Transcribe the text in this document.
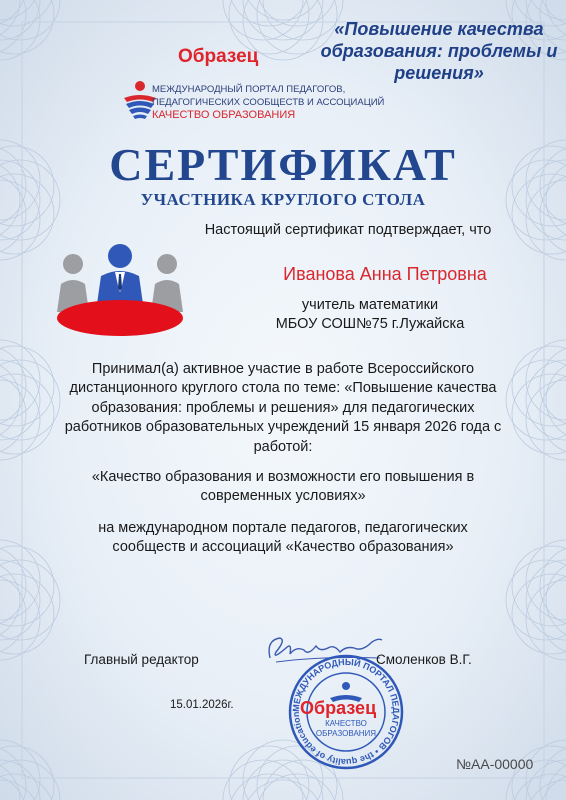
Образец
«Повышение качества образования: проблемы и решения»
МЕЖДУНАРОДНЫЙ ПОРТАЛ ПЕДАГОГОВ,
ПЕДАГОГИЧЕСКИХ СООБЩЕСТВ И АССОЦИАЦИЙ
КАЧЕСТВО ОБРАЗОВАНИЯ
СЕРТИФИКАТ
УЧАСТНИКА КРУГЛОГО СТОЛА
Настоящий сертификат подтверждает, что
Иванова Анна Петровна
учитель математики
МБОУ СОШ№75 г.Лужайска
Принимал(а) активное участие в работе Всероссийского дистанционного круглого стола по теме: «Повышение качества образования: проблемы и решения» для педагогических работников образовательных учреждений 15 января 2026 года с работой:
«Качество образования и возможности его повышения в современных условиях»
на международном портале педагогов, педагогических сообществ и ассоциаций «Качество образования»
Главный редактор	Смоленков В.Г.
15.01.2026г.	МЕЖДУНАРОДНЫЙ ПОРТАЛ ПЕДАГОГОВ • the quality of education
КАЧЕСТВО
ОБРАЗОВАНИЯ
Образец
№АА-00000
